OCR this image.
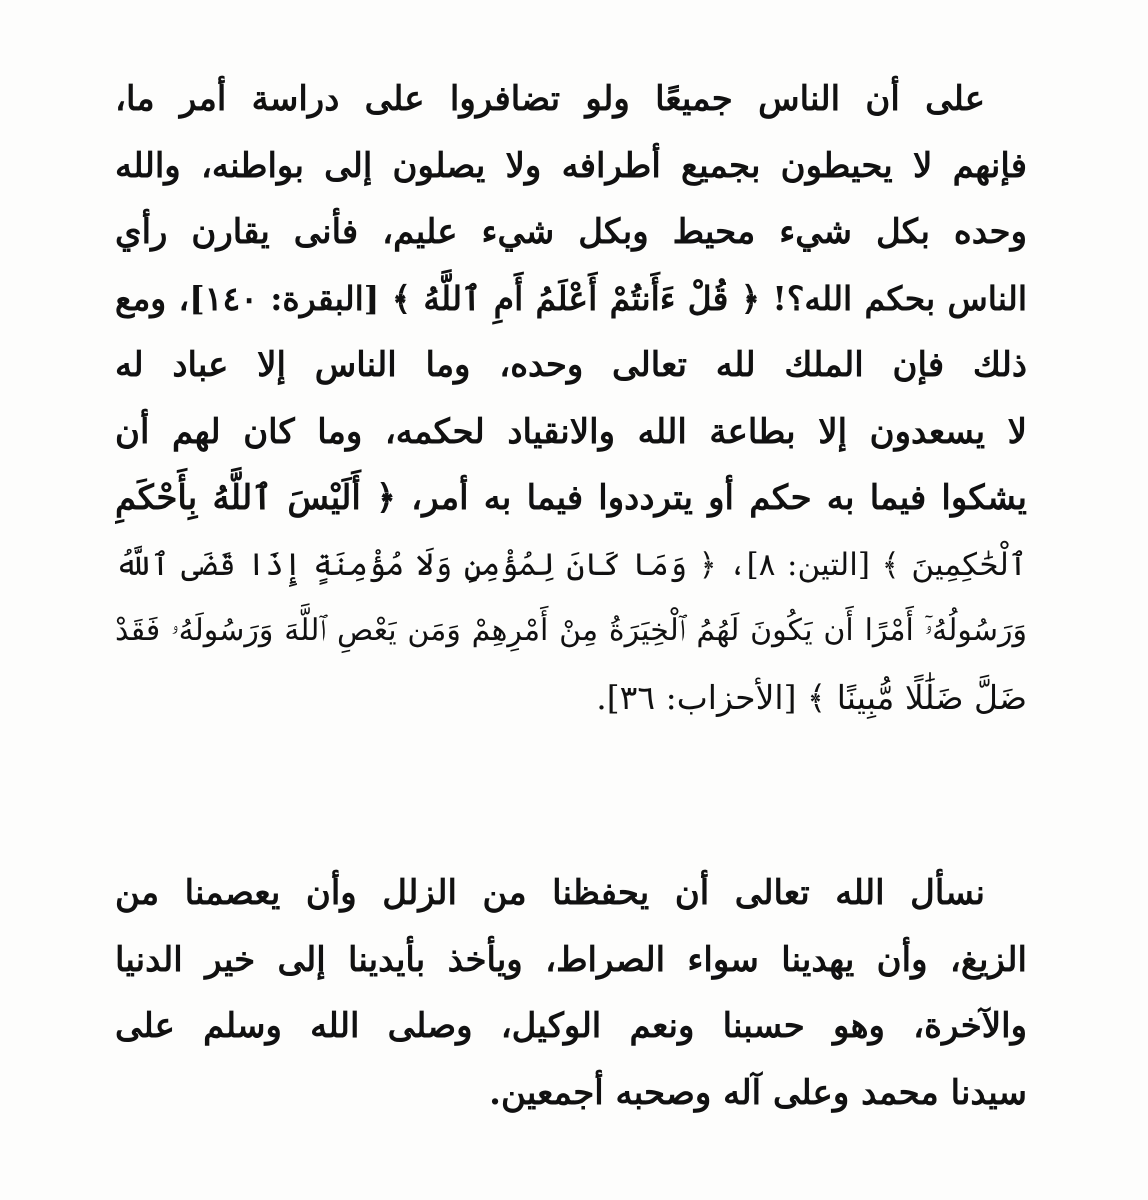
على أن الناس جميعًا ولو تضافروا على دراسة أمر ما،
فإنهم لا يحيطون بجميع أطرافه ولا يصلون إلى بواطنه، والله
وحده بكل شيء محيط وبكل شيء عليم، فأنى يقارن رأي
الناس بحكم الله؟! ﴿ قُلْ ءَأَنتُمْ أَعْلَمُ أَمِ ٱللَّهُ ﴾ [البقرة: ١٤٠]، ومع
ذلك فإن الملك لله تعالى وحده، وما الناس إلا عباد له
لا يسعدون إلا بطاعة الله والانقياد لحكمه، وما كان لهم أن
يشكوا فيما به حكم أو يترددوا فيما به أمر، ﴿ أَلَيْسَ ٱللَّهُ بِأَحْكَمِ
ٱلْحَٰكِمِينَ ﴾ [التين: ٨]، ﴿ وَمَا كَانَ لِمُؤْمِنٍ وَلَا مُؤْمِنَةٍ إِذَا قَضَى ٱللَّهُ
وَرَسُولُهُۥٓ أَمْرًا أَن يَكُونَ لَهُمُ ٱلْخِيَرَةُ مِنْ أَمْرِهِمْ وَمَن يَعْصِ ٱللَّهَ وَرَسُولَهُۥ فَقَدْ
ضَلَّ ضَلَٰلًا مُّبِينًا ﴾ [الأحزاب: ٣٦].
نسأل الله تعالى أن يحفظنا من الزلل وأن يعصمنا من
الزيغ، وأن يهدينا سواء الصراط، ويأخذ بأيدينا إلى خير الدنيا
والآخرة، وهو حسبنا ونعم الوكيل، وصلى الله وسلم على
سيدنا محمد وعلى آله وصحبه أجمعين.
